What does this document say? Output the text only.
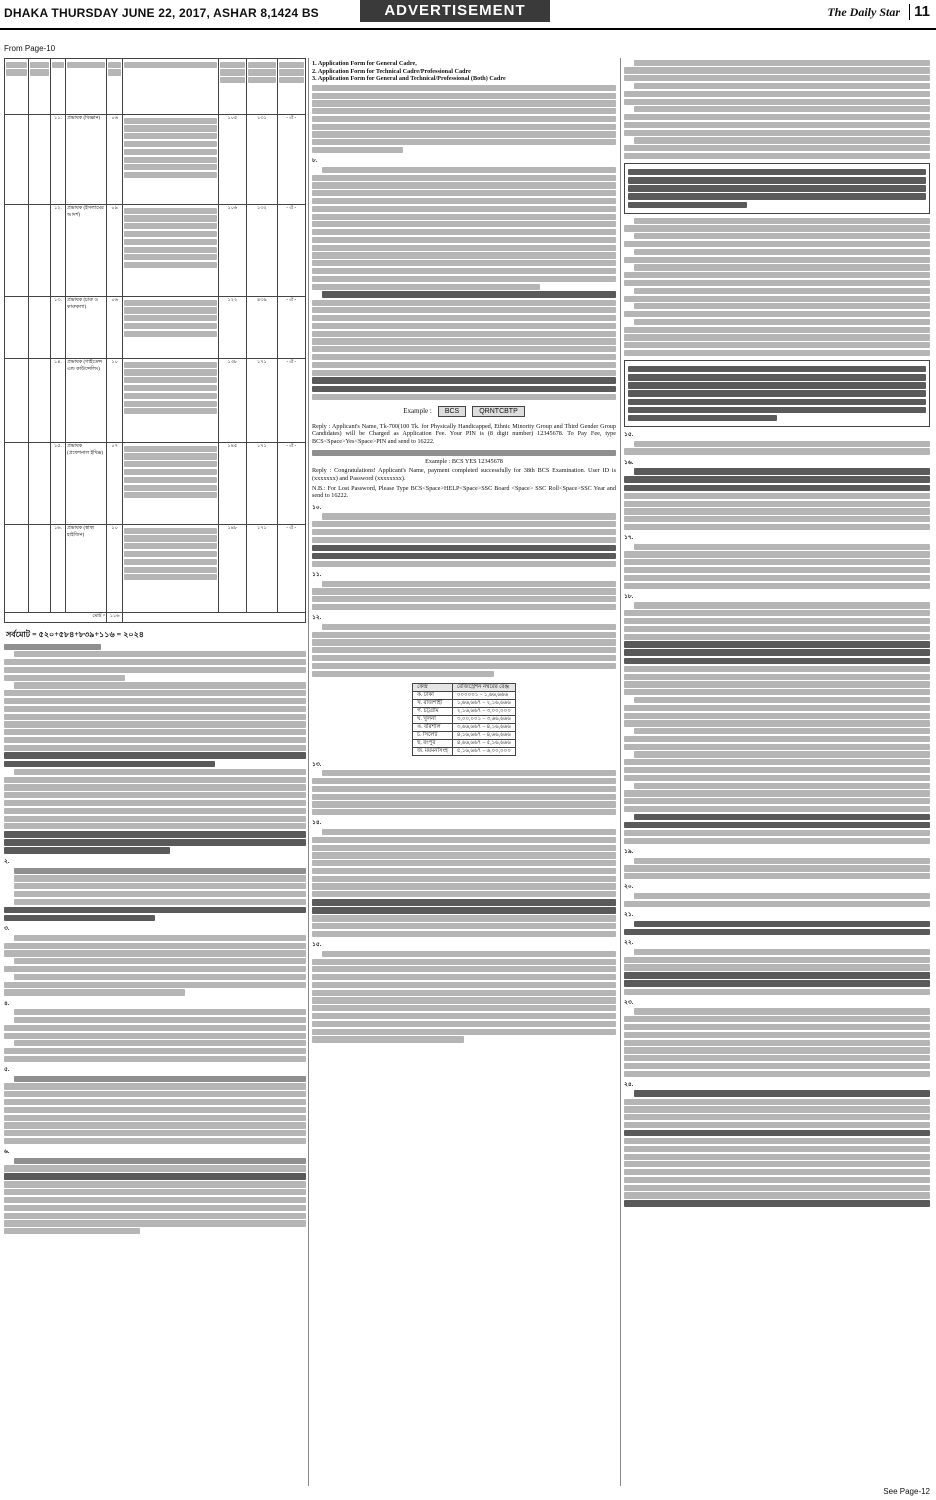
DHAKA THURSDAY JUNE 22, 2017, ASHAR 8,1424 BS	ADVERTISEMENT	The Daily Star 11
From Page-10

		১১.	প্রভাষক (বিজ্ঞান)	০৬		১০৫	১৩১	- ঐ -
		১২.	প্রভাষক (ইসলামের আদর্শ)	০৯		১০৬	১৩২	- ঐ -
		১৩.	প্রভাষক (চারু ও কারুকলা)	০৬		১২২	৪৩৯	- ঐ -
		১৪.	প্রভাষক (গাইডেন্স এন্ড কাউন্সেলিং)	১০		১৩৮	১৭১	- ঐ -
		১৫.	প্রভাষক (প্রফেশনাল ইথিক্স)	০৭		১৪৫	১৭১	- ঐ -
		১৬.	প্রভাষক (স্বাস্থ্য হাইজিন)	১০		১৪৮	১৭১	- ঐ -
মোট =				১১৬				
সর্বমোট = ৫২০+৫৮৪+৮৩৯+১১৬ = ২০২৪
২.
৩.
৪.
৫.
৬.
1. Application Form for General Cadre,
2. Application Form for Technical Cadre/Professional Cadre
3. Application Form for General and Technical/Professional (Both) Cadre
৮.
Example :	BCS	QRNTCBTP
Reply : Applicant's Name, Tk-700(100 Tk. for Physically Handicapped, Ethnic Minority Group and Third Gender Group Candidates) will be Charged as Application Fee. Your PIN is (8 digit number) 12345678. To Pay Fee, type BCS<Space>Yes<Space>PIN and send to 16222.
Example : BCS YES 12345678
Reply : Congratulations! Applicant's Name, payment completed successfully for 38th BCS Examination. User ID is (xxxxxxx) and Password (xxxxxxxx).
N.B.: For Lost Password, Please Type BCS<Space>HELP<Space>SSC Board <Space> SSC Roll<Space>SSC Year and send to 16222.
১০.
১১.
১২.
কেন্দ্র	রেজিস্ট্রেশন নম্বরের রেঞ্জ
ক. ঢাকা	০০০০০১ – ১,৬৬,৬৬৬
খ. রাজশাহী	১,৬৬,৬৬৭ – ২,১৬,৬৬৬
গ. চট্টগ্রাম	২,১৬,৬৬৭ – ৩,০০,০০০
ঘ. খুলনা	৩,০০,০০১ – ৩,৬৬,৬৬৬
ঙ. বরিশাল	৩,৬৬,৬৬৭ – ৪,১৬,৬৬৬
চ. সিলেট	৪,১৬,৬৬৭ – ৪,৬৬,৬৬৬
ছ. রংপুর	৪,৬৬,৬৬৭ – ৫,১৬,৬৬৬
জ. ময়মনসিংহ	৫,১৬,৬৬৭ – ৬,০০,০০০
১৩.
১৪.
১৫.
১৫.
১৬.
১৭.
১৮.
১৯.
২০.
২১.
২২.
২৩.
২৪.
See Page-12
